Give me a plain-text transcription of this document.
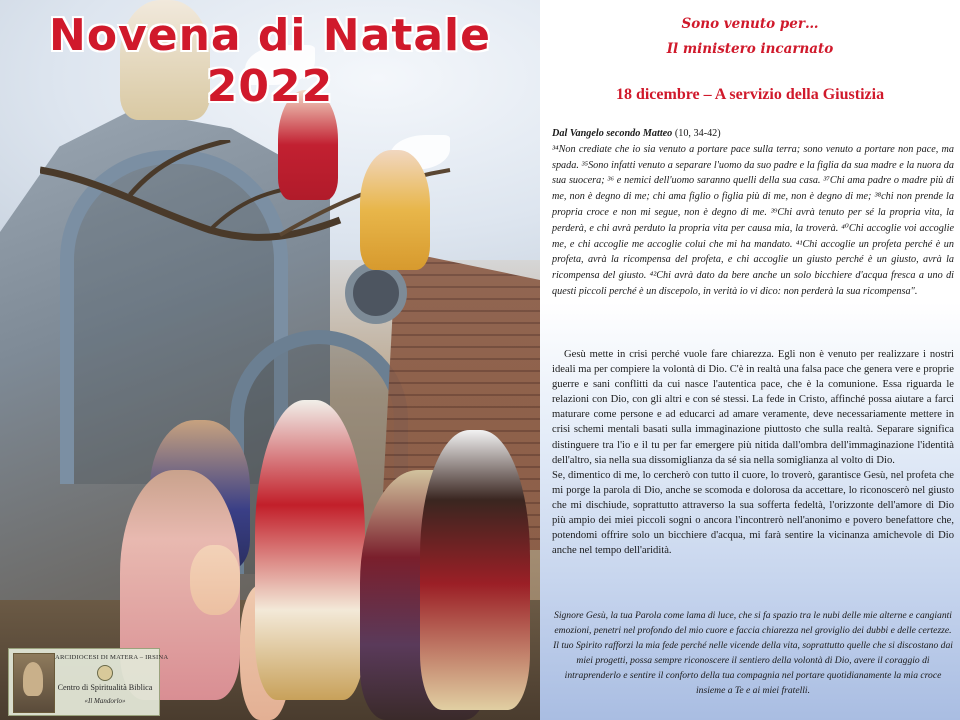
Novena di Natale 2022
ARCIDIOCESI DI MATERA – IRSINA
Centro di Spiritualità Biblica
«Il Mandorlo»
Sono venuto per…
Il ministero incarnato
18 dicembre – A servizio della Giustizia
Dal Vangelo secondo Matteo (10, 34-42)
³⁴Non crediate che io sia venuto a portare pace sulla terra; sono venuto a portare non pace, ma spada. ³⁵Sono infatti venuto a separare l'uomo da suo padre e la figlia da sua madre e la nuora da sua suocera; ³⁶ e nemici dell'uomo saranno quelli della sua casa. ³⁷Chi ama padre o madre più di me, non è degno di me; chi ama figlio o figlia più di me, non è degno di me; ³⁸chi non prende la propria croce e non mi segue, non è degno di me. ³⁹Chi avrà tenuto per sé la propria vita, la perderà, e chi avrà perduto la propria vita per causa mia, la troverà. ⁴⁰Chi accoglie voi accoglie me, e chi accoglie me accoglie colui che mi ha mandato. ⁴¹Chi accoglie un profeta perché è un profeta, avrà la ricompensa del profeta, e chi accoglie un giusto perché è un giusto, avrà la ricompensa del giusto. ⁴²Chi avrà dato da bere anche un solo bicchiere d'acqua fresca a uno di questi piccoli perché è un discepolo, in verità io vi dico: non perderà la sua ricompensa".

Gesù mette in crisi perché vuole fare chiarezza. Egli non è venuto per realizzare i nostri ideali ma per compiere la volontà di Dio. C'è in realtà una falsa pace che genera vere e proprie guerre e sani conflitti da cui nasce l'autentica pace, che è la comunione. Essa riguarda le relazioni con Dio, con gli altri e con sé stessi. La fede in Cristo, affinché possa aiutare a farci maturare come persone e ad educarci ad amare veramente, deve necessariamente mettere in crisi schemi mentali basati sulla immaginazione piuttosto che sulla realtà. Separare significa distinguere tra l'io e il tu per far emergere più nitida dall'ombra dell'immaginazione l'identità dell'altro, sia nella sua dissomiglianza da sé sia nella somiglianza al volto di Dio.

Se, dimentico di me, lo cercherò con tutto il cuore, lo troverò, garantisce Gesù, nel profeta che mi porge la parola di Dio, anche se scomoda e dolorosa da accettare, lo riconoscerò nel giusto che mi dischiude, soprattutto attraverso la sua sofferta fedeltà, l'orizzonte dell'amore di Dio più ampio dei miei piccoli sogni o ancora l'incontrerò nell'anonimo e povero benefattore che, potendomi offrire solo un bicchiere d'acqua, mi farà sentire la vicinanza amichevole di Dio anche nel tempo dell'aridità.

Signore Gesù, la tua Parola come lama di luce, che si fa spazio tra le nubi delle mie alterne e cangianti emozioni, penetri nel profondo del mio cuore e faccia chiarezza nel groviglio dei dubbi e delle certezze. Il tuo Spirito rafforzi la mia fede perché nelle vicende della vita, soprattutto quelle che si discostano dai miei progetti, possa sempre riconoscere il sentiero della volontà di Dio, avere il coraggio di intraprenderlo e sentire il conforto della tua compagnia nel portare quotidianamente la mia croce insieme a Te e ai miei fratelli.
